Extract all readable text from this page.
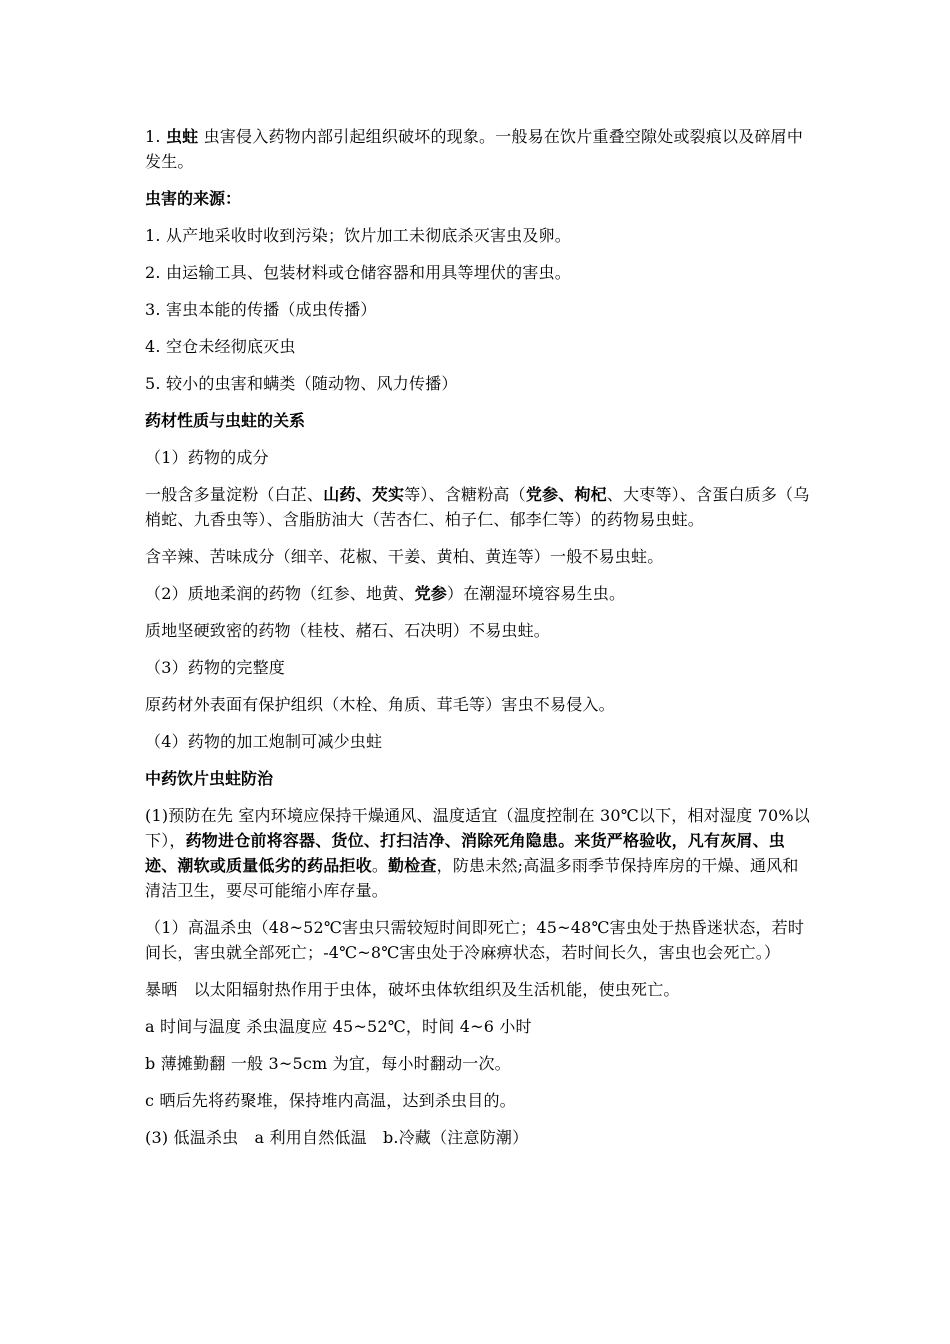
1. 虫蛀 虫害侵入药物内部引起组织破坏的现象。一般易在饮片重叠空隙处或裂痕以及碎屑中发生。

虫害的来源：

1. 从产地采收时收到污染；饮片加工未彻底杀灭害虫及卵。

2. 由运输工具、包装材料或仓储容器和用具等埋伏的害虫。

3. 害虫本能的传播（成虫传播）

4. 空仓未经彻底灭虫

5. 较小的虫害和螨类（随动物、风力传播）

药材性质与虫蛀的关系

（1）药物的成分

一般含多量淀粉（白芷、山药、芡实等）、含糖粉高（党参、枸杞、大枣等）、含蛋白质多（乌梢蛇、九香虫等）、含脂肪油大（苦杏仁、柏子仁、郁李仁等）的药物易虫蛀。

含辛辣、苦味成分（细辛、花椒、干姜、黄柏、黄连等）一般不易虫蛀。

（2）质地柔润的药物（红参、地黄、党参）在潮湿环境容易生虫。

质地坚硬致密的药物（桂枝、赭石、石决明）不易虫蛀。

（3）药物的完整度

原药材外表面有保护组织（木栓、角质、茸毛等）害虫不易侵入。

（4）药物的加工炮制可减少虫蛀

中药饮片虫蛀防治

(1)预防在先 室内环境应保持干燥通风、温度适宜（温度控制在 30℃以下，相对湿度 70%以下），药物进仓前将容器、货位、打扫洁净、消除死角隐患。来货严格验收，凡有灰屑、虫迹、潮软或质量低劣的药品拒收。勤检查，防患未然;高温多雨季节保持库房的干燥、通风和清洁卫生，要尽可能缩小库存量。

（1）高温杀虫（48~52℃害虫只需较短时间即死亡；45~48℃害虫处于热昏迷状态，若时间长，害虫就全部死亡；-4℃~8℃害虫处于冷麻痹状态，若时间长久，害虫也会死亡。）

暴晒　以太阳辐射热作用于虫体，破坏虫体软组织及生活机能，使虫死亡。

a 时间与温度 杀虫温度应 45~52℃，时间 4~6 小时

b 薄摊勤翻 一般 3~5cm 为宜，每小时翻动一次。

c 晒后先将药聚堆，保持堆内高温，达到杀虫目的。

(3) 低温杀虫　a 利用自然低温　b.冷藏（注意防潮）
